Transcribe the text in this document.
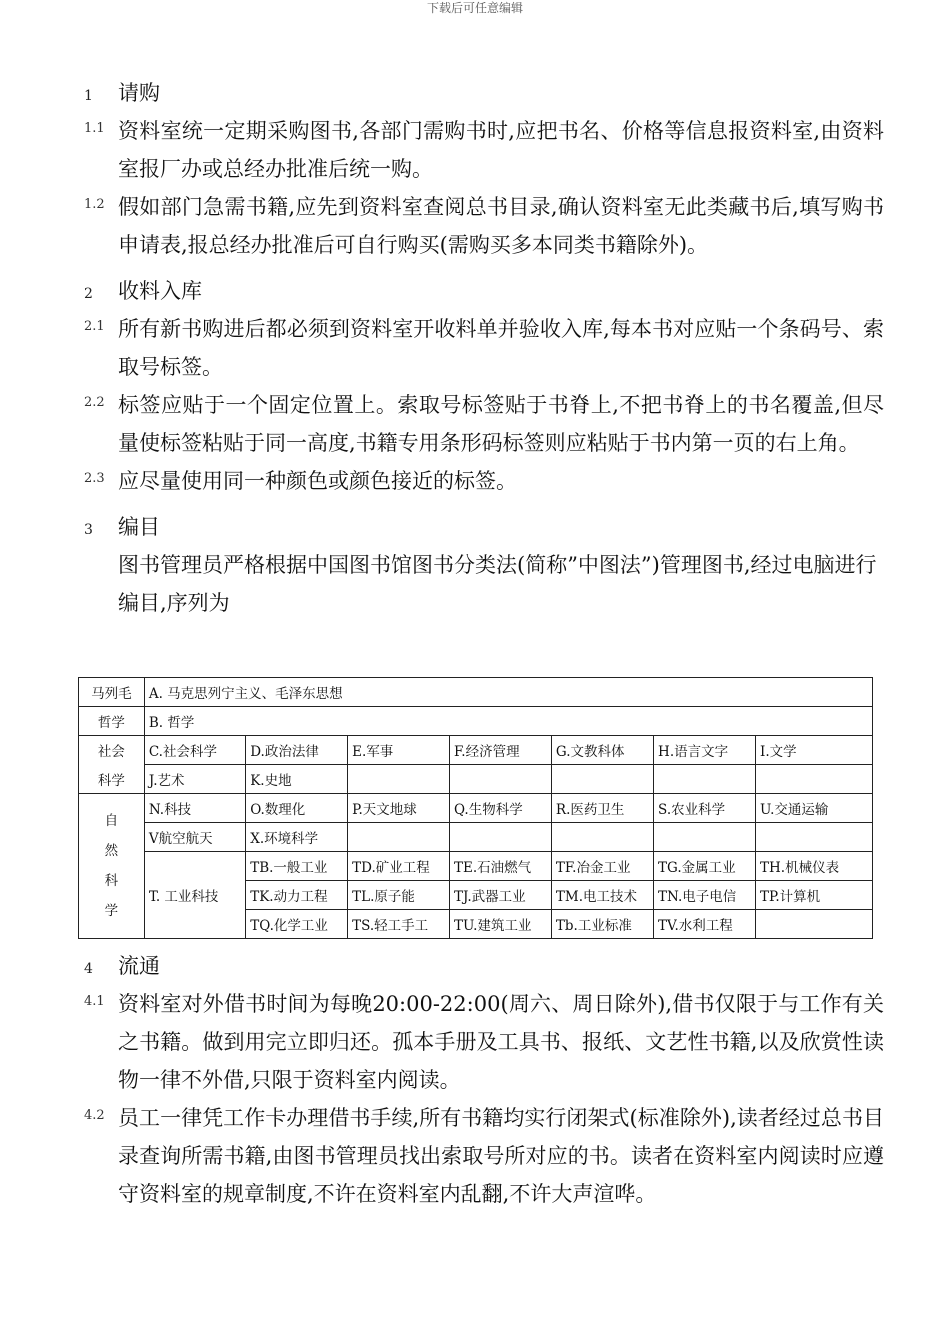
下载后可任意编辑
1	请购
1.1 资料室统一定期采购图书,各部门需购书时,应把书名、价格等信息报资料室,由资料室报厂办或总经办批准后统一购。
1.2 假如部门急需书籍,应先到资料室查阅总书目录,确认资料室无此类藏书后,填写购书申请表,报总经办批准后可自行购买(需购买多本同类书籍除外)。
2	收料入库
2.1 所有新书购进后都必须到资料室开收料单并验收入库,每本书对应贴一个条码号、索取号标签。
2.2 标签应贴于一个固定位置上。索取号标签贴于书脊上,不把书脊上的书名覆盖,但尽量使标签粘贴于同一高度,书籍专用条形码标签则应粘贴于书内第一页的右上角。
2.3 应尽量使用同一种颜色或颜色接近的标签。
3	编目
图书管理员严格根据中国图书馆图书分类法(简称”中图法”)管理图书,经过电脑进行编目,序列为
马列毛	A. 马克思列宁主义、毛泽东思想						
哲学	B. 哲学						
社会	C.社会科学	D.政治法律	E.军事	F.经济管理	G.文教科体	H.语言文字	I.文学
科学	J.艺术	K.史地					

自
然
科
学	N.科技	O.数理化	P.天文地球	Q.生物科学	R.医药卫生	S.农业科学	U.交通运输
	V航空航天	X.环境科学					
	T. 工业科技	TB.一般工业	TD.矿业工程	TE.石油燃气	TF.冶金工业	TG.金属工业	TH.机械仪表
		TK.动力工程	TL.原子能	TJ.武器工业	TM.电工技术	TN.电子电信	TP.计算机
		TQ.化学工业	TS.轻工手工	TU.建筑工业	Tb.工业标准	TV.水利工程	
4	流通
4.1 资料室对外借书时间为每晚20:00-22:00(周六、周日除外),借书仅限于与工作有关之书籍。做到用完立即归还。孤本手册及工具书、报纸、文艺性书籍,以及欣赏性读物一律不外借,只限于资料室内阅读。
4.2 员工一律凭工作卡办理借书手续,所有书籍均实行闭架式(标准除外),读者经过总书目录查询所需书籍,由图书管理员找出索取号所对应的书。读者在资料室内阅读时应遵守资料室的规章制度,不许在资料室内乱翻,不许大声渲哗。
